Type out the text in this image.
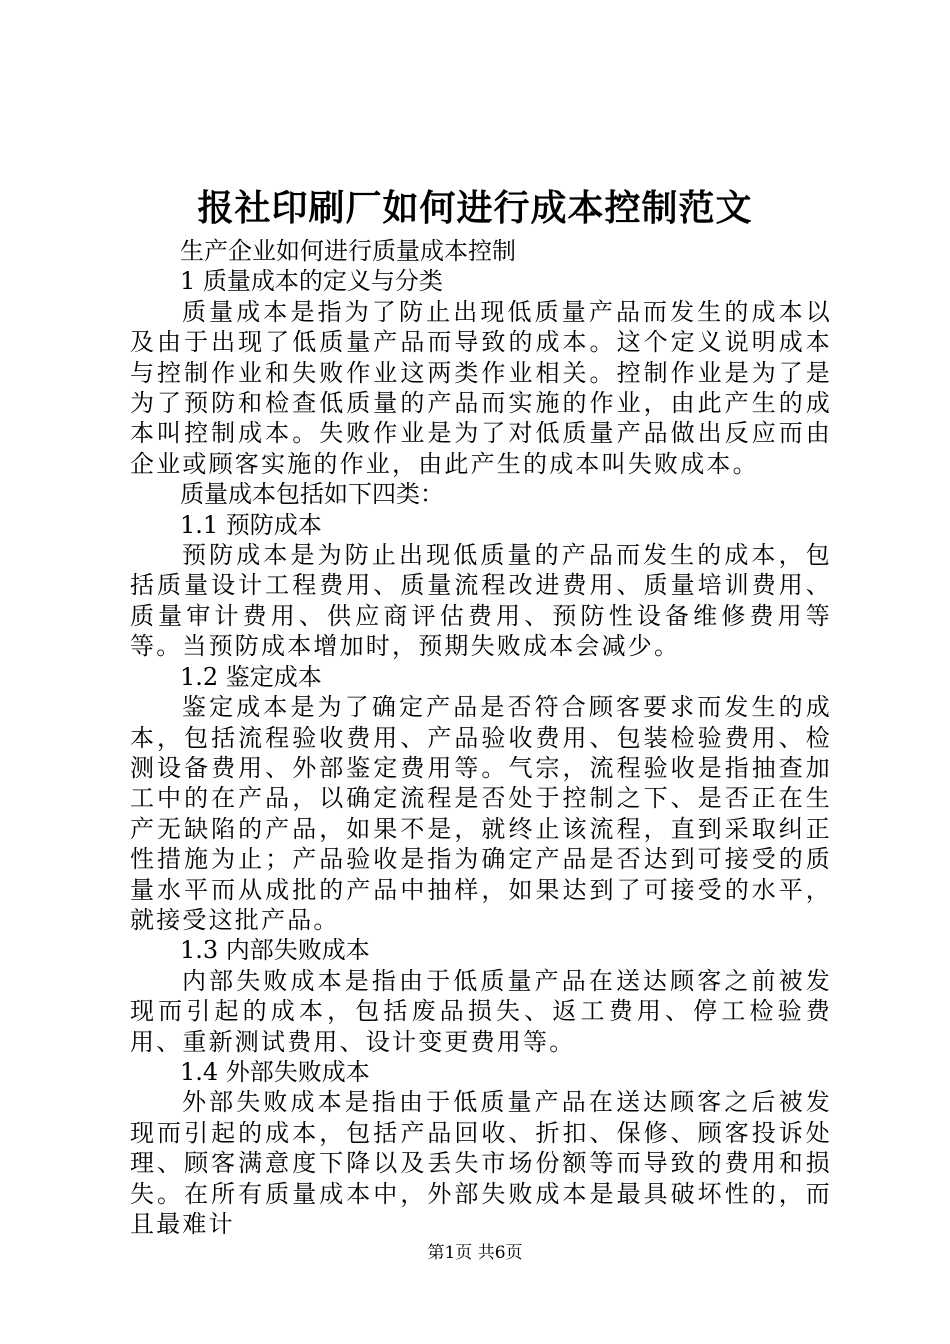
报社印刷厂如何进行成本控制范文

生产企业如何进行质量成本控制

1 质量成本的定义与分类

质量成本是指为了防止出现低质量产品而发生的成本以及由于出现了低质量产品而导致的成本。这个定义说明成本与控制作业和失败作业这两类作业相关。控制作业是为了是为了预防和检查低质量的产品而实施的作业，由此产生的成本叫控制成本。失败作业是为了对低质量产品做出反应而由企业或顾客实施的作业，由此产生的成本叫失败成本。

质量成本包括如下四类：

1.1 预防成本

预防成本是为防止出现低质量的产品而发生的成本，包括质量设计工程费用、质量流程改进费用、质量培训费用、质量审计费用、供应商评估费用、预防性设备维修费用等等。当预防成本增加时，预期失败成本会减少。

1.2 鉴定成本

鉴定成本是为了确定产品是否符合顾客要求而发生的成本，包括流程验收费用、产品验收费用、包装检验费用、检测设备费用、外部鉴定费用等。气宗，流程验收是指抽查加工中的在产品，以确定流程是否处于控制之下、是否正在生产无缺陷的产品，如果不是，就终止该流程，直到采取纠正性措施为止；产品验收是指为确定产品是否达到可接受的质量水平而从成批的产品中抽样，如果达到了可接受的水平，就接受这批产品。

1.3 内部失败成本

内部失败成本是指由于低质量产品在送达顾客之前被发现而引起的成本，包括废品损失、返工费用、停工检验费用、重新测试费用、设计变更费用等。

1.4 外部失败成本

外部失败成本是指由于低质量产品在送达顾客之后被发现而引起的成本，包括产品回收、折扣、保修、顾客投诉处理、顾客满意度下降以及丢失市场份额等而导致的费用和损失。在所有质量成本中，外部失败成本是最具破坏性的，而且最难计

第1页 共6页
